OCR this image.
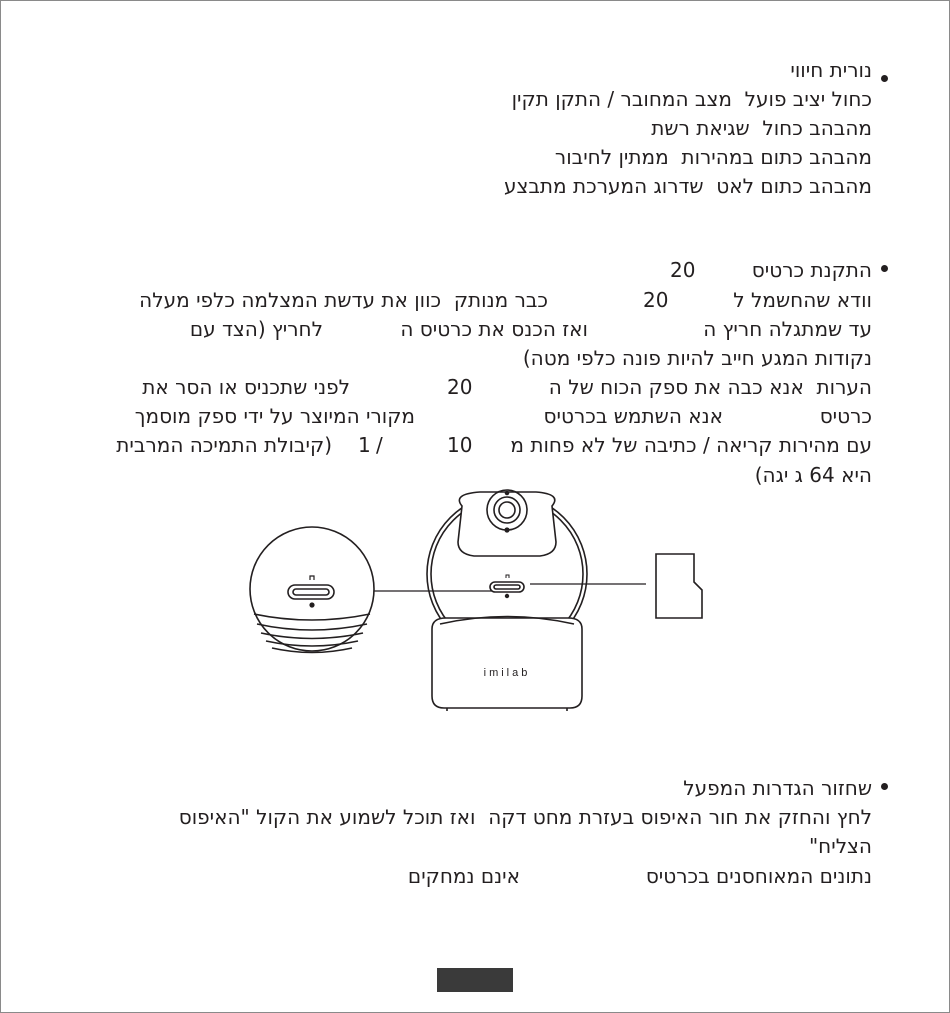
נורית חיווי
כחול יציב פועל  מצב המחובר / התקן תקין
מהבהב כחול  שגיאת רשת
מהבהב כתום במהירות  ממתין לחיבור
מהבהב כתום לאט  שדרוג המערכת מתבצע
התקנת כרטיס
20
וודא שהחשמל ל
20
כבר מנותק  כוון את עדשת המצלמה כלפי מעלה
עד שמתגלה חריץ ה
ואז הכנס את כרטיס ה
לחריץ (הצד עם
נקודות המגע חייב להיות פונה כלפי מטה)
הערות  אנא כבה את ספק הכוח של ה
20
לפני שתכניס או הסר את
כרטיס
אנא השתמש בכרטיס
מקורי המיוצר על ידי ספק מוסמך
עם מהירות קריאה / כתיבה של לא פחות מ
10
/
1
(קיבולת התמיכה המרבית
היא 64 ג יגה)
imilab
שחזור הגדרות המפעל
לחץ והחזק את חור האיפוס בעזרת מחט דקה  ואז תוכל לשמוע את הקול "האיפוס
הצליח"
נתונים המאוחסנים בכרטיס
אינם נמחקים
